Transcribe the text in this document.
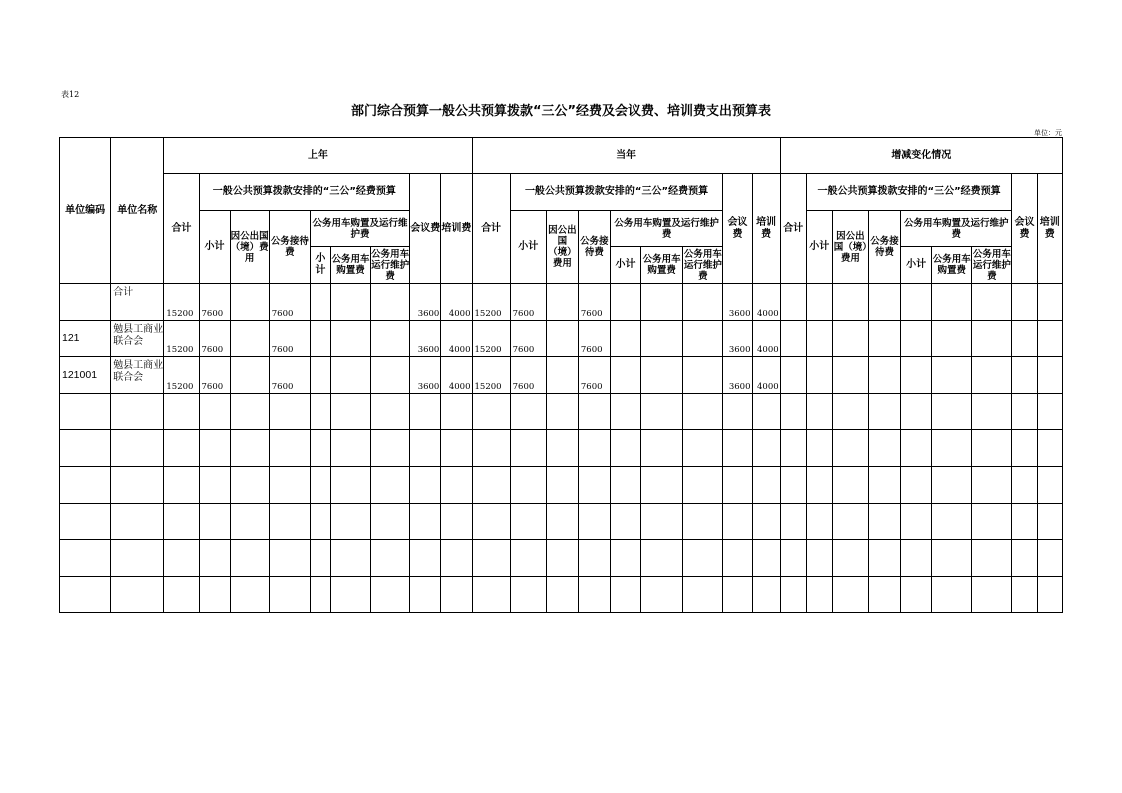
表12
部门综合预算一般公共预算拨款“三公”经费及会议费、培训费支出预算表
单位：元
单位编码	单位名称	上年									当年									增减变化情况								
		合计	一般公共预算拨款安排的“三公”经费预算						会议费	培训费	合计	一般公共预算拨款安排的“三公”经费预算						会议费	培训费	合计	一般公共预算拨款安排的“三公”经费预算						会议费	培训费
			小计	因公出国（境）费用	公务接待费	公务用车购置及运行维护费						小计	因公出国（境）费用	公务接待费	公务用车购置及运行维护费						小计	因公出国（境）费用	公务接待费	公务用车购置及运行维护费				
						小计	公务用车购置费	公务用车运行维护费							小计	公务用车购置费	公务用车运行维护费							小计	公务用车购置费	公务用车运行维护费		
	合计	15200	7600		7600				3600	4000	15200	7600		7600				3600	4000									
121	勉县工商业联合会	15200	7600		7600				3600	4000	15200	7600		7600				3600	4000									
121001	勉县工商业联合会	15200	7600		7600				3600	4000	15200	7600		7600				3600	4000									
